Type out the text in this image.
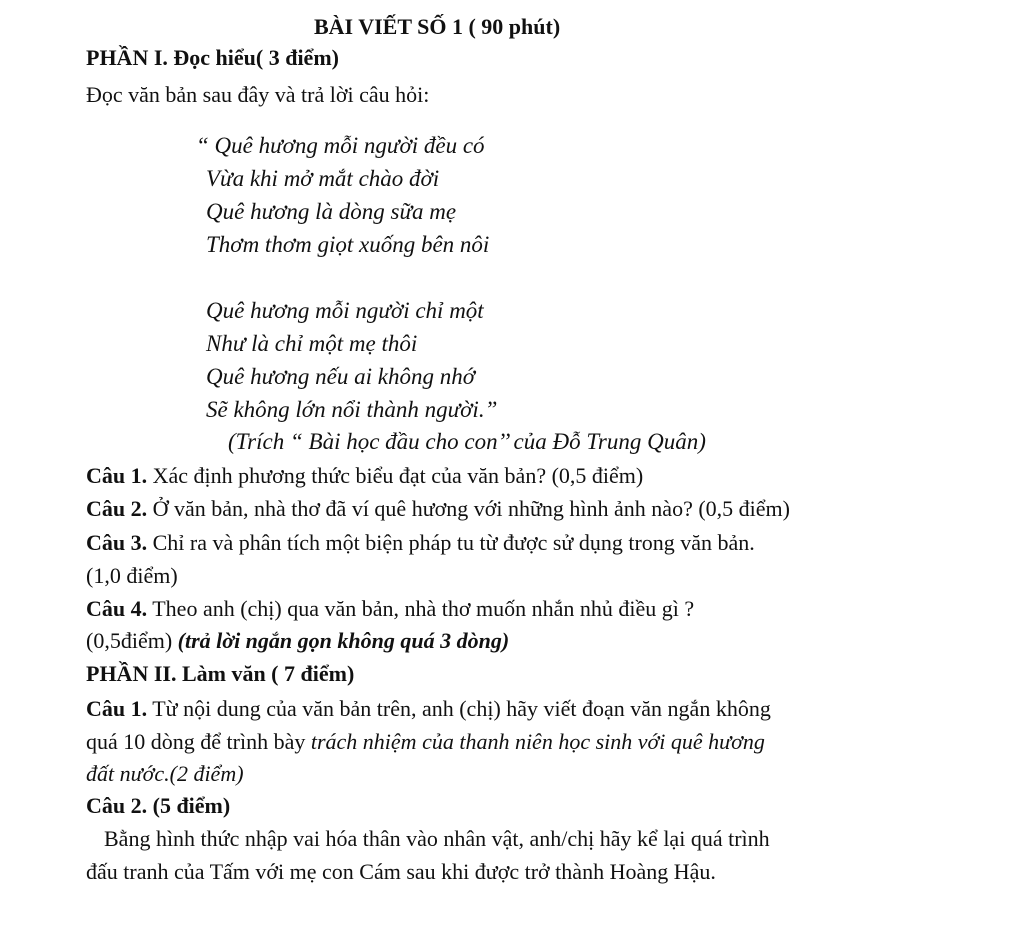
BÀI VIẾT SỐ 1 ( 90 phút)
PHẦN I. Đọc hiểu( 3 điểm)
Đọc văn bản sau đây và trả lời câu hỏi:
“ Quê hương mỗi người đều có
Vừa khi mở mắt chào đời
Quê hương là dòng sữa mẹ
Thơm thơm giọt xuống bên nôi
Quê hương mỗi người chỉ một
Như là chỉ một mẹ thôi
Quê hương nếu ai không nhớ
Sẽ không lớn nổi thành người.”
(Trích “ Bài học đầu cho con’’ của Đỗ Trung Quân)
Câu 1. Xác định phương thức biểu đạt của văn bản? (0,5 điểm)
Câu 2. Ở văn bản, nhà thơ đã ví quê hương với những hình ảnh nào? (0,5 điểm)
Câu 3. Chỉ ra và phân tích một biện pháp tu từ được sử dụng trong văn bản.
(1,0 điểm)
Câu 4. Theo anh (chị) qua văn bản, nhà thơ muốn nhắn nhủ điều gì ?
(0,5điểm) (trả lời ngắn gọn không quá 3 dòng)
PHẦN II. Làm văn ( 7 điểm)
Câu 1. Từ nội dung của văn bản trên, anh (chị) hãy viết đoạn văn ngắn không
quá 10 dòng để trình bày trách nhiệm của thanh niên học sinh với quê hương
đất nước.(2 điểm)
Câu 2. (5 điểm)
Bằng hình thức nhập vai hóa thân vào nhân vật, anh/chị hãy kể lại quá trình
đấu tranh của Tấm với mẹ con Cám sau khi được trở thành Hoàng Hậu.
